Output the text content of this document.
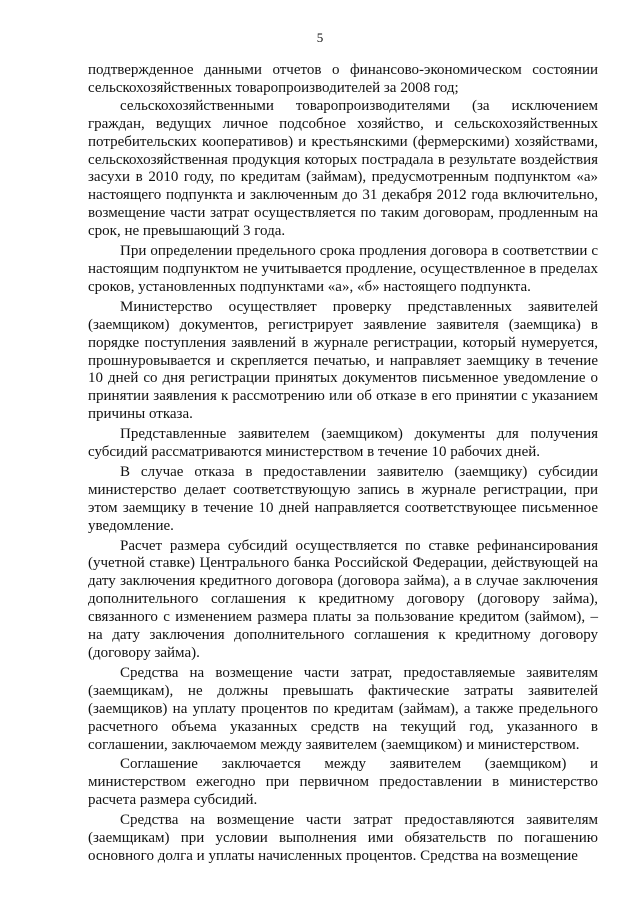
5

подтвержденное данными отчетов о финансово-экономическом состоянии сельскохозяйственных товаропроизводителей за 2008 год;

сельскохозяйственными товаропроизводителями (за исключением граждан, ведущих личное подсобное хозяйство, и сельскохозяйственных потребительских кооперативов) и крестьянскими (фермерскими) хозяйствами, сельскохозяйственная продукция которых пострадала в результате воздействия засухи в 2010 году, по кредитам (займам), предусмотренным подпунктом «а» настоящего подпункта и заключенным до 31 декабря 2012 года включительно, возмещение части затрат осуществляется по таким договорам, продленным на срок, не превышающий 3 года.

При определении предельного срока продления договора в соответствии с настоящим подпунктом не учитывается продление, осуществленное в пределах сроков, установленных подпунктами «а», «б» настоящего подпункта.

Министерство осуществляет проверку представленных заявителей (заемщиком) документов, регистрирует заявление заявителя (заемщика) в порядке поступления заявлений в журнале регистрации, который нумеруется, прошнуровывается и скрепляется печатью, и направляет заемщику в течение 10 дней со дня регистрации принятых документов письменное уведомление о принятии заявления к рассмотрению или об отказе в его принятии с указанием причины отказа.

Представленные заявителем (заемщиком) документы для получения субсидий рассматриваются министерством в течение 10 рабочих дней.

В случае отказа в предоставлении заявителю (заемщику) субсидии министерство делает соответствующую запись в журнале регистрации, при этом заемщику в течение 10 дней направляется соответствующее письменное уведомление.

Расчет размера субсидий осуществляется по ставке рефинансирования (учетной ставке) Центрального банка Российской Федерации, действующей на дату заключения кредитного договора (договора займа), а в случае заключения дополнительного соглашения к кредитному договору (договору займа), связанного с изменением размера платы за пользование кредитом (займом), – на дату заключения дополнительного соглашения к кредитному договору (договору займа).

Средства на возмещение части затрат, предоставляемые заявителям (заемщикам), не должны превышать фактические затраты заявителей (заемщиков) на уплату процентов по кредитам (займам), а также предельного расчетного объема указанных средств на текущий год, указанного в соглашении, заключаемом между заявителем (заемщиком) и министерством.

Соглашение заключается между заявителем (заемщиком) и министерством ежегодно при первичном предоставлении в министерство расчета размера субсидий.

Средства на возмещение части затрат предоставляются заявителям (заемщикам) при условии выполнения ими обязательств по погашению основного долга и уплаты начисленных процентов. Средства на возмещение
